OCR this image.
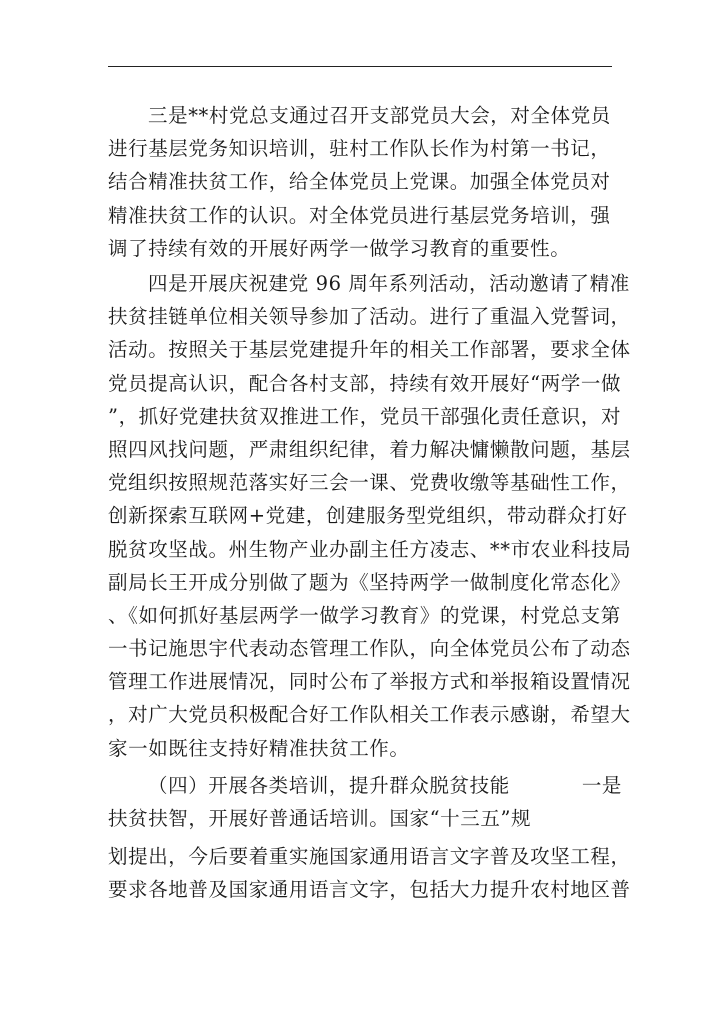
三是**村党总支通过召开支部党员大会，对全体党员
进行基层党务知识培训，驻村工作队长作为村第一书记，
结合精准扶贫工作，给全体党员上党课。加强全体党员对
精准扶贫工作的认识。对全体党员进行基层党务培训，强
调了持续有效的开展好两学一做学习教育的重要性。
四是开展庆祝建党 96 周年系列活动，活动邀请了精准
扶贫挂链单位相关领导参加了活动。进行了重温入党誓词，
活动。按照关于基层党建提升年的相关工作部署，要求全体
党员提高认识，配合各村支部，持续有效开展好“两学一做
”，抓好党建扶贫双推进工作，党员干部强化责任意识，对
照四风找问题，严肃组织纪律，着力解决慵懒散问题，基层
党组织按照规范落实好三会一课、党费收缴等基础性工作，
创新探索互联网+党建，创建服务型党组织，带动群众打好
脱贫攻坚战。州生物产业办副主任方凌志、**市农业科技局
副局长王开成分别做了题为《坚持两学一做制度化常态化》
、《如何抓好基层两学一做学习教育》的党课，村党总支第
一书记施思宇代表动态管理工作队，向全体党员公布了动态
管理工作进展情况，同时公布了举报方式和举报箱设置情况
，对广大党员积极配合好工作队相关工作表示感谢，希望大
家一如既往支持好精准扶贫工作。
（四）开展各类培训，提升群众脱贫技能	一是
扶贫扶智，开展好普通话培训。国家“十三五”规
划提出，今后要着重实施国家通用语言文字普及攻坚工程，
要求各地普及国家通用语言文字，包括大力提升农村地区普
